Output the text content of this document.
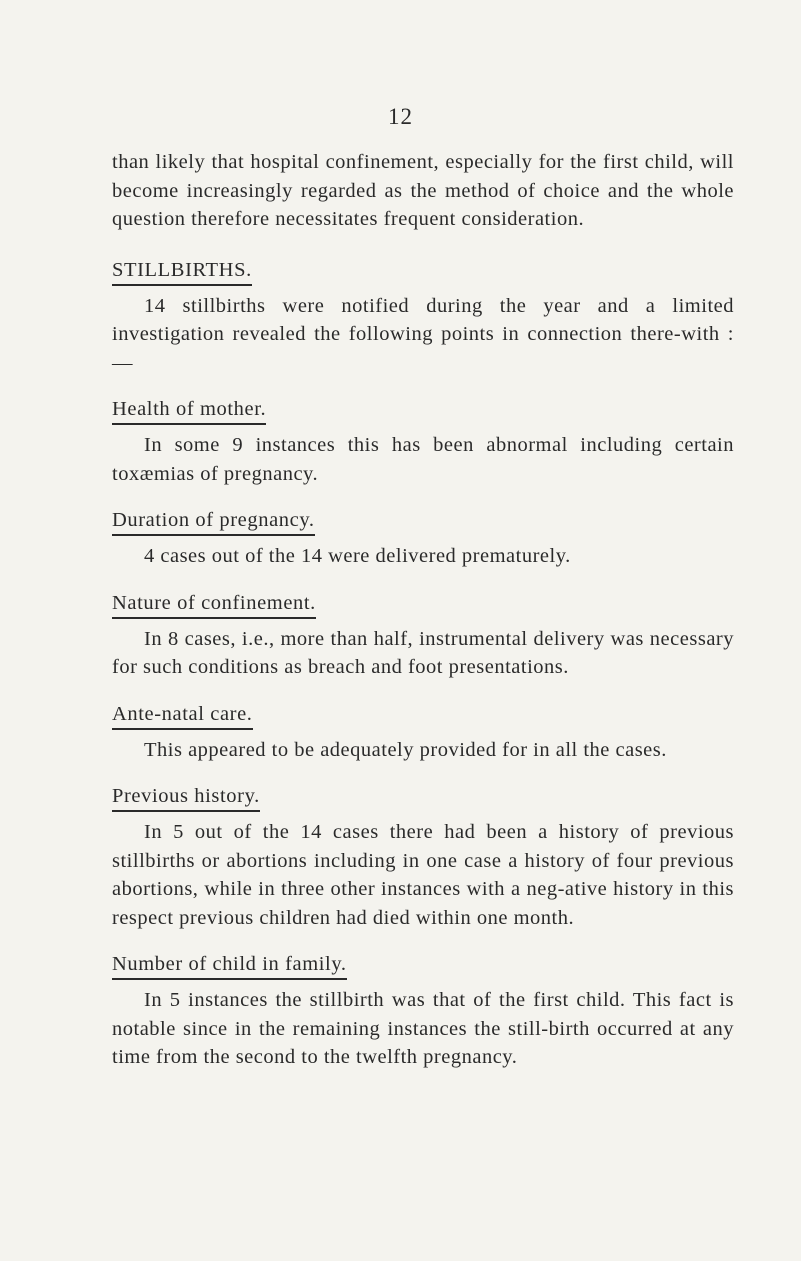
12

than likely that hospital confinement, especially for the first child, will become increasingly regarded as the method of choice and the whole question therefore necessitates frequent consideration.

STILLBIRTHS.

14 stillbirths were notified during the year and a limited investigation revealed the following points in connection there-with :—

Health of mother.

In some 9 instances this has been abnormal including certain toxæmias of pregnancy.

Duration of pregnancy.

4 cases out of the 14 were delivered prematurely.

Nature of confinement.

In 8 cases, i.e., more than half, instrumental delivery was necessary for such conditions as breach and foot presentations.

Ante-natal care.

This appeared to be adequately provided for in all the cases.

Previous history.

In 5 out of the 14 cases there had been a history of previous stillbirths or abortions including in one case a history of four previous abortions, while in three other instances with a neg-ative history in this respect previous children had died within one month.

Number of child in family.

In 5 instances the stillbirth was that of the first child. This fact is notable since in the remaining instances the still-birth occurred at any time from the second to the twelfth pregnancy.
